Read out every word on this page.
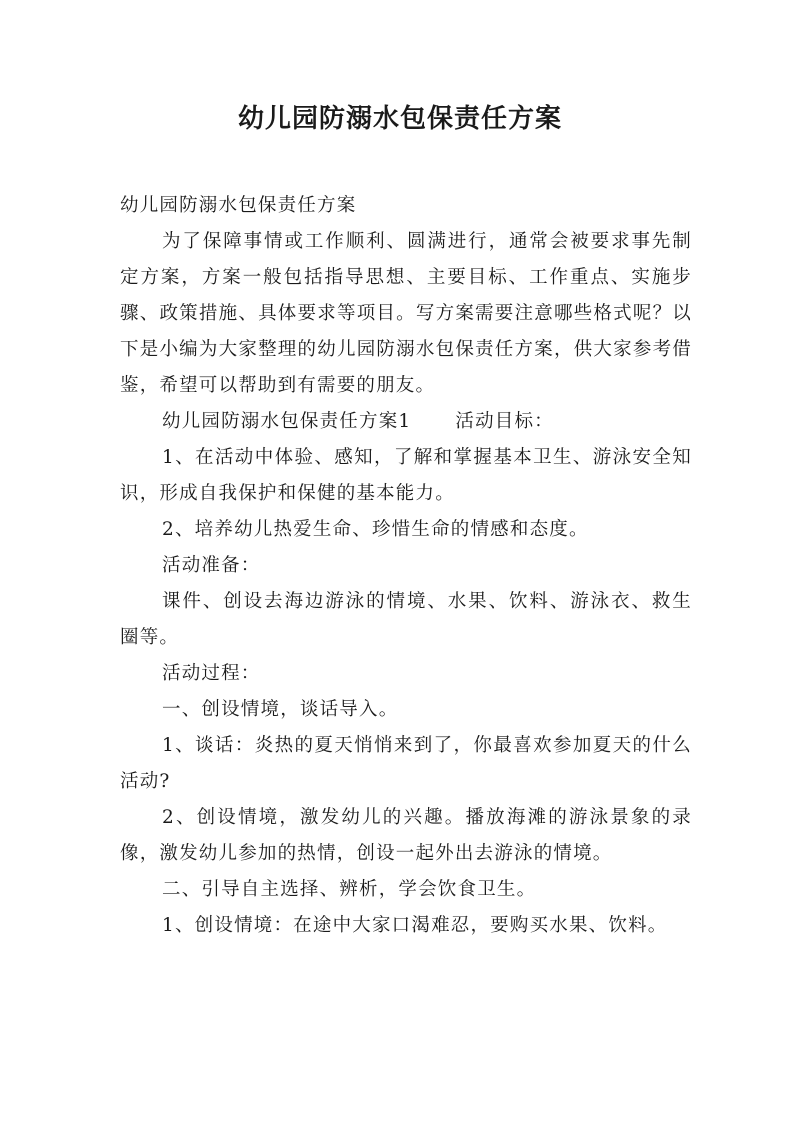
幼儿园防溺水包保责任方案

幼儿园防溺水包保责任方案

为了保障事情或工作顺利、圆满进行，通常会被要求事先制定方案，方案一般包括指导思想、主要目标、工作重点、实施步骤、政策措施、具体要求等项目。写方案需要注意哪些格式呢？以下是小编为大家整理的幼儿园防溺水包保责任方案，供大家参考借鉴，希望可以帮助到有需要的朋友。

幼儿园防溺水包保责任方案1 活动目标：

1、在活动中体验、感知，了解和掌握基本卫生、游泳安全知识，形成自我保护和保健的基本能力。

2、培养幼儿热爱生命、珍惜生命的情感和态度。

活动准备：

课件、创设去海边游泳的情境、水果、饮料、游泳衣、救生圈等。

活动过程：

一、创设情境，谈话导入。

1、谈话：炎热的夏天悄悄来到了，你最喜欢参加夏天的什么活动?

2、创设情境，激发幼儿的兴趣。播放海滩的游泳景象的录像，激发幼儿参加的热情，创设一起外出去游泳的情境。

二、引导自主选择、辨析，学会饮食卫生。

1、创设情境：在途中大家口渴难忍，要购买水果、饮料。
